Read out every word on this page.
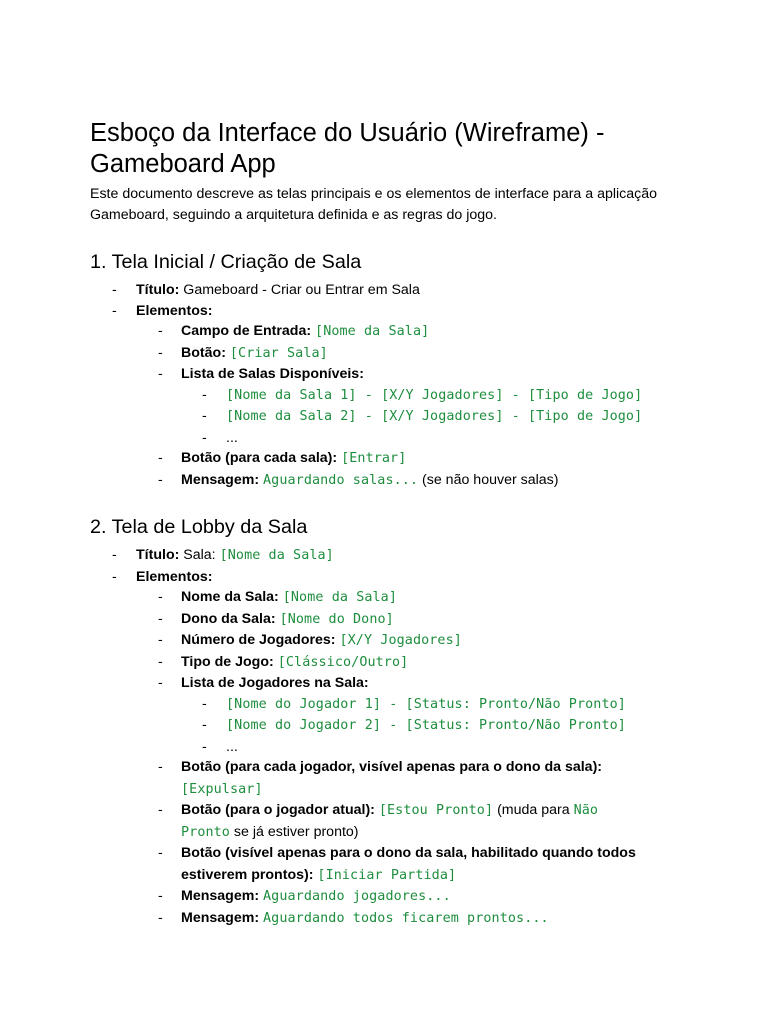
Esboço da Interface do Usuário (Wireframe) - Gameboard App

Este documento descreve as telas principais e os elementos de interface para a aplicação Gameboard, seguindo a arquitetura definida e as regras do jogo.

1. Tela Inicial / Criação de Sala
- Título: Gameboard - Criar ou Entrar em Sala
- Elementos:
- Campo de Entrada: [Nome da Sala]
- Botão: [Criar Sala]
- Lista de Salas Disponíveis:
- [Nome da Sala 1] - [X/Y Jogadores] - [Tipo de Jogo]
- [Nome da Sala 2] - [X/Y Jogadores] - [Tipo de Jogo]
- ...
- Botão (para cada sala): [Entrar]
- Mensagem: Aguardando salas... (se não houver salas)
2. Tela de Lobby da Sala
- Título: Sala: [Nome da Sala]
- Elementos:
- Nome da Sala: [Nome da Sala]
- Dono da Sala: [Nome do Dono]
- Número de Jogadores: [X/Y Jogadores]
- Tipo de Jogo: [Clássico/Outro]
- Lista de Jogadores na Sala:
- [Nome do Jogador 1] - [Status: Pronto/Não Pronto]
- [Nome do Jogador 2] - [Status: Pronto/Não Pronto]
- ...
- Botão (para cada jogador, visível apenas para o dono da sala): [Expulsar]
- Botão (para o jogador atual): [Estou Pronto] (muda para Não Pronto se já estiver pronto)
- Botão (visível apenas para o dono da sala, habilitado quando todos estiverem prontos): [Iniciar Partida]
- Mensagem: Aguardando jogadores...
- Mensagem: Aguardando todos ficarem prontos...
